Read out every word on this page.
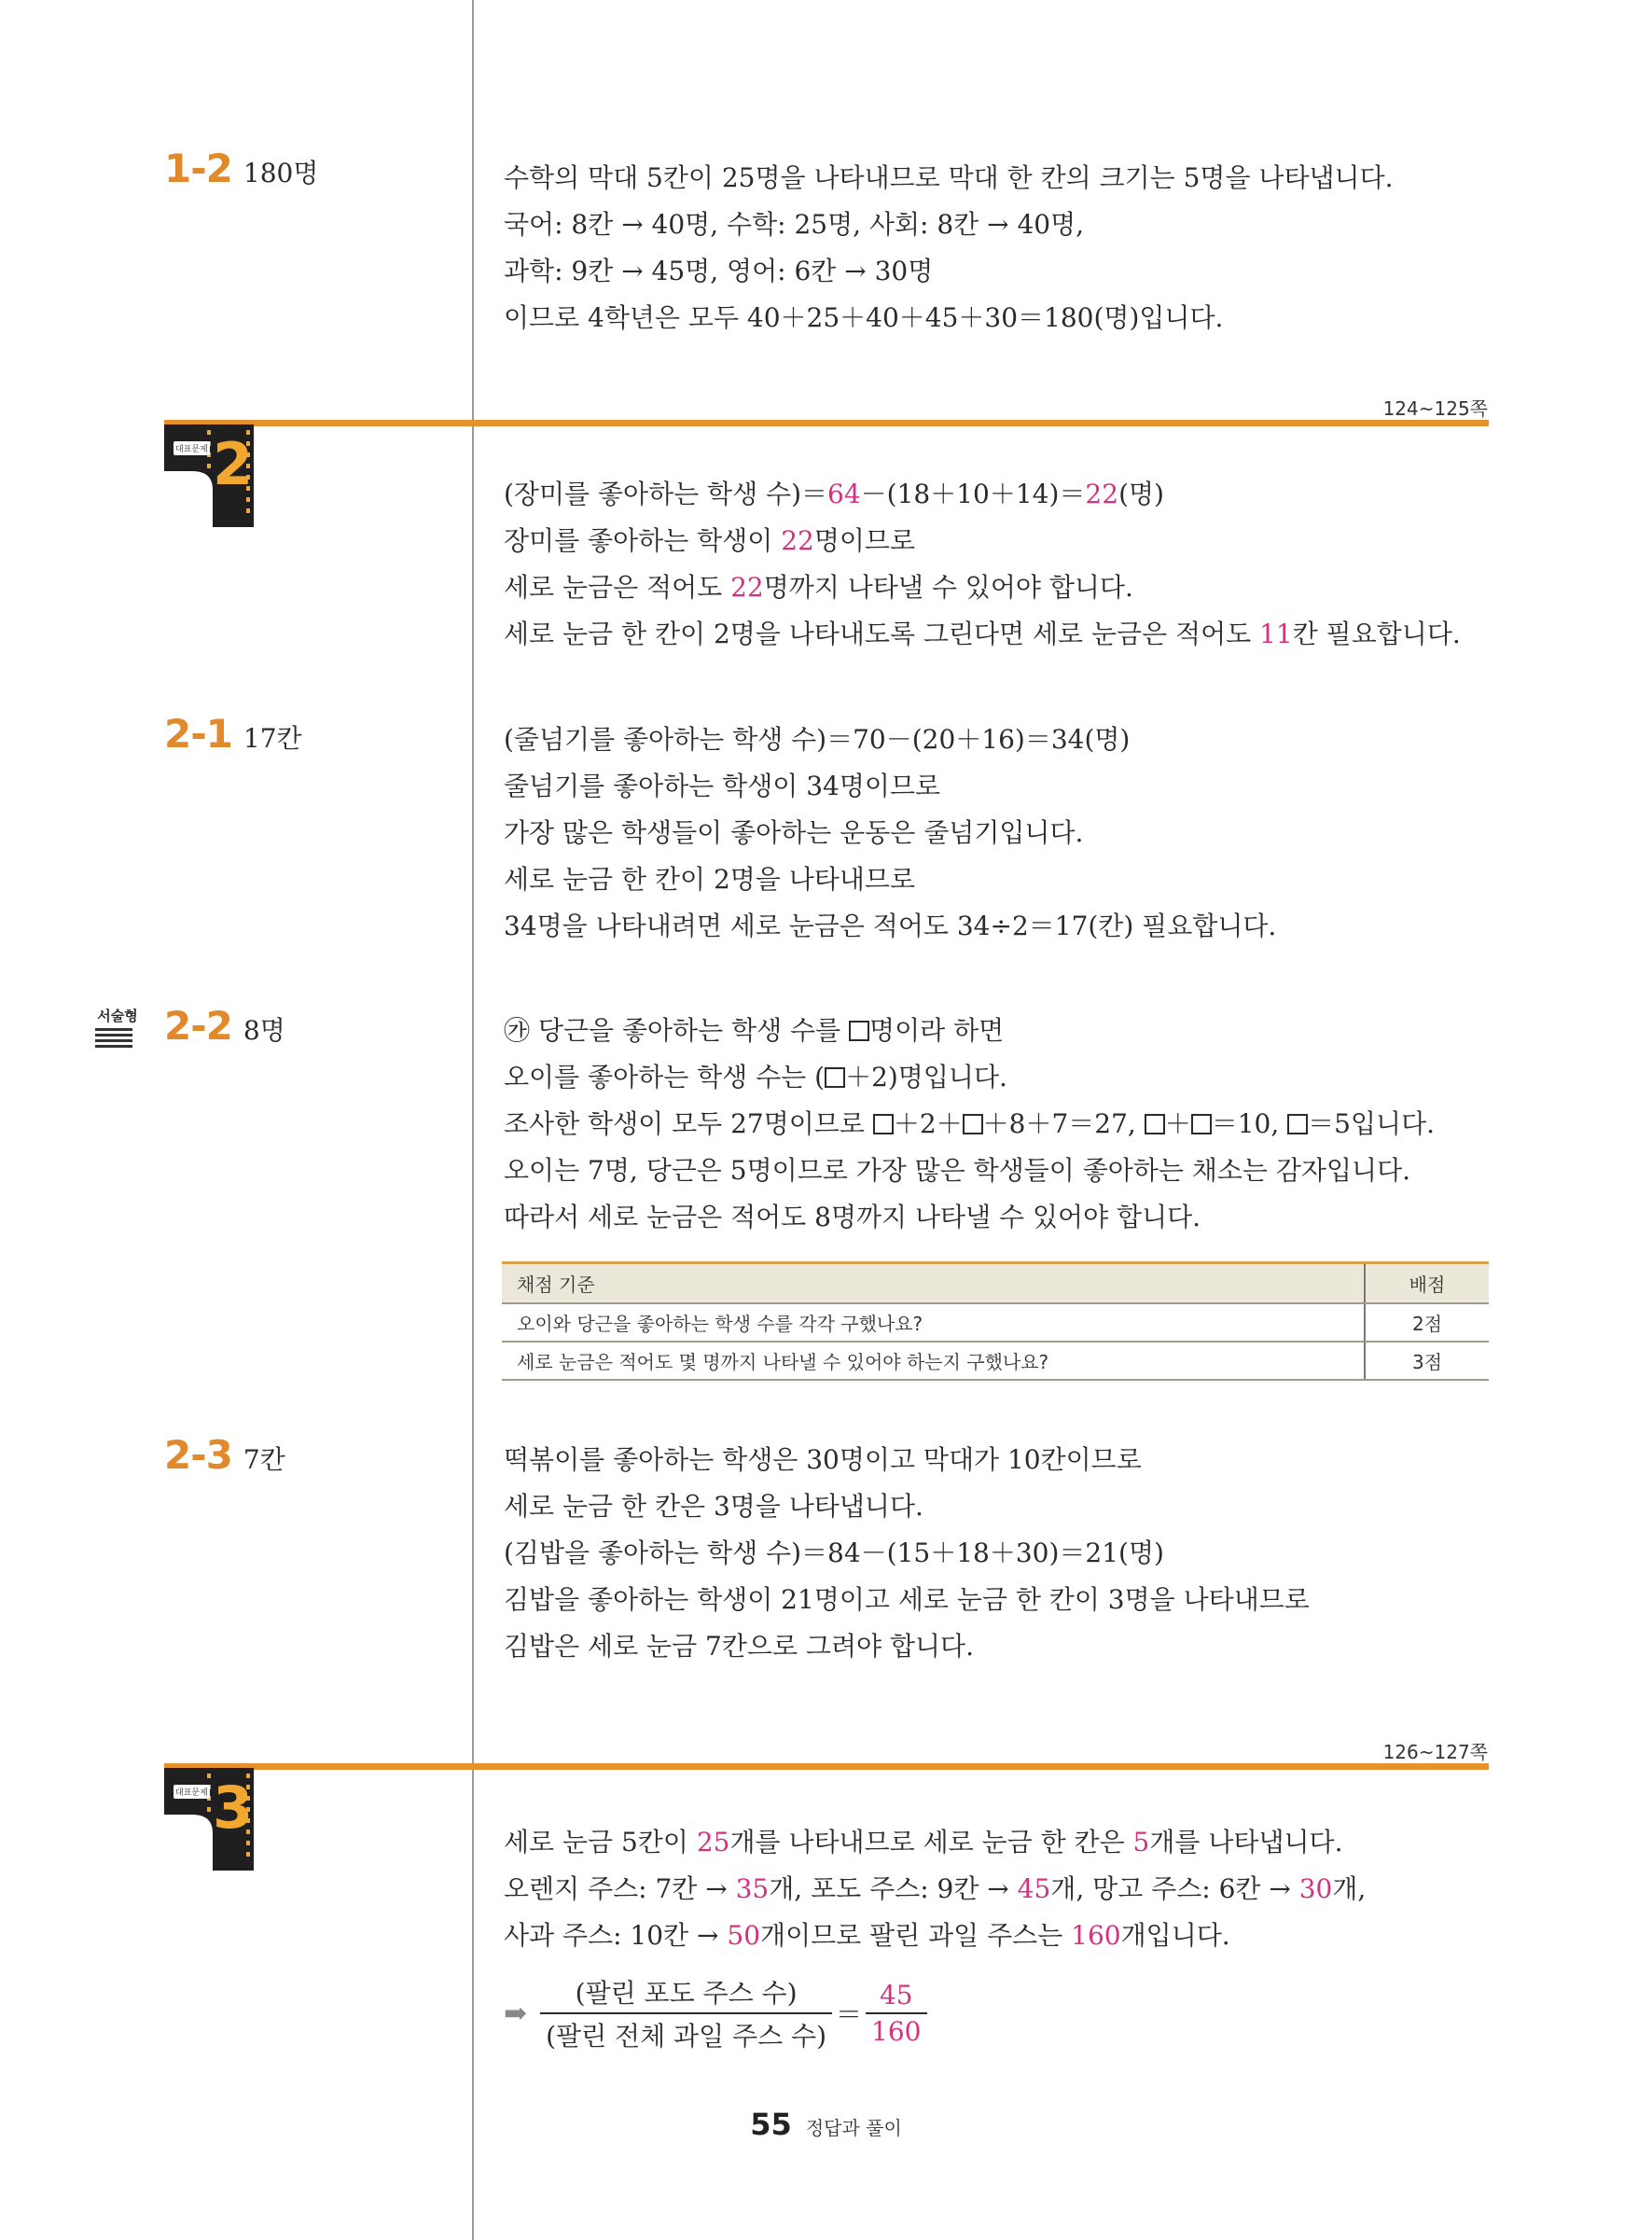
1-2 180명	수학의 막대 5칸이 25명을 나타내므로 막대 한 칸의 크기는 5명을 나타냅니다.

국어: 8칸 → 40명, 수학: 25명, 사회: 8칸 → 40명,

과학: 9칸 → 45명, 영어: 6칸 → 30명

이므로 4학년은 모두 40＋25＋40＋45＋30＝180(명)입니다.

124~125쪽
대표문제 2	(장미를 좋아하는 학생 수)＝64－(18＋10＋14)＝22(명)

장미를 좋아하는 학생이 22명이므로

세로 눈금은 적어도 22명까지 나타낼 수 있어야 합니다.

세로 눈금 한 칸이 2명을 나타내도록 그린다면 세로 눈금은 적어도 11칸 필요합니다.

2-1 17칸	(줄넘기를 좋아하는 학생 수)＝70－(20＋16)＝34(명)

줄넘기를 좋아하는 학생이 34명이므로

가장 많은 학생들이 좋아하는 운동은 줄넘기입니다.

세로 눈금 한 칸이 2명을 나타내므로

34명을 나타내려면 세로 눈금은 적어도 34÷2＝17(칸) 필요합니다.

서술형 2-2 8명	㉮ 당근을 좋아하는 학생 수를 명이라 하면

오이를 좋아하는 학생 수는 ( ＋2)명입니다.

조사한 학생이 모두 27명이므로 ＋2＋ ＋8＋7＝27, ＋ ＝10, ＝5입니다.

오이는 7명, 당근은 5명이므로 가장 많은 학생들이 좋아하는 채소는 감자입니다.

따라서 세로 눈금은 적어도 8명까지 나타낼 수 있어야 합니다.

채점 기준	배점
오이와 당근을 좋아하는 학생 수를 각각 구했나요?	2점
세로 눈금은 적어도 몇 명까지 나타낼 수 있어야 하는지 구했나요?	3점
2-3 7칸	떡볶이를 좋아하는 학생은 30명이고 막대가 10칸이므로

세로 눈금 한 칸은 3명을 나타냅니다.

(김밥을 좋아하는 학생 수)＝84－(15＋18＋30)＝21(명)

김밥을 좋아하는 학생이 21명이고 세로 눈금 한 칸이 3명을 나타내므로

김밥은 세로 눈금 7칸으로 그려야 합니다.

126~127쪽
대표문제 3

세로 눈금 5칸이 25개를 나타내므로 세로 눈금 한 칸은 5개를 나타냅니다.

오렌지 주스: 7칸 → 35개, 포도 주스: 9칸 → 45개, 망고 주스: 6칸 → 30개,

사과 주스: 10칸 → 50개이므로 팔린 과일 주스는 160개입니다.

➡
(팔린 포도 주스 수)
(팔린 전체 과일 주스 수)
＝
45
160
55 정답과 풀이
